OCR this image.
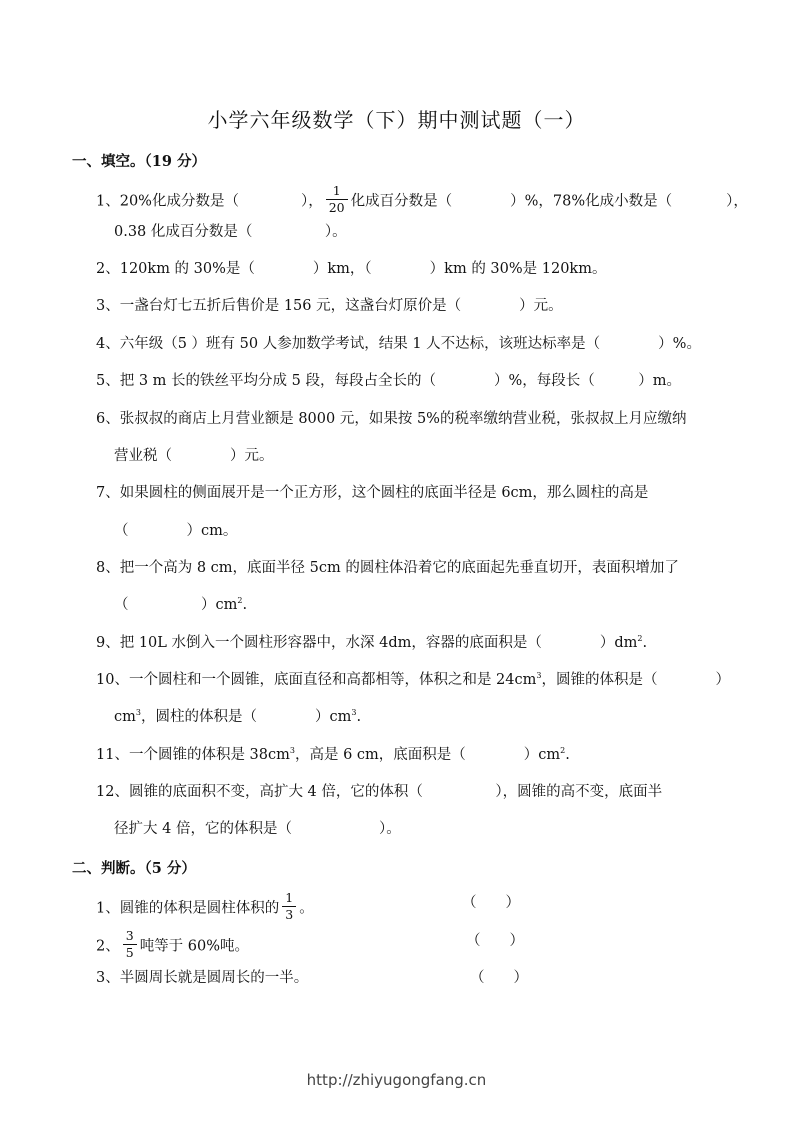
小学六年级数学（下）期中测试题（一）
一、填空。（19 分）
1、20%化成分数是（	）， $\frac{1}{20}$ 化成百分数是（	）%，78%化成小数是（	），
0.38 化成百分数是（　　　　　）。
2、120km 的 30%是（　　　　）km，（　　　　）km 的 30%是 120km。
3、一盏台灯七五折后售价是 156 元，这盏台灯原价是（　　　　）元。
4、六年级（5 ）班有 50 人参加数学考试，结果 1 人不达标，该班达标率是（　　　　）%。
5、把 3 m 长的铁丝平均分成 5 段，每段占全长的（　　　　）%，每段长（　　　）m。
6、张叔叔的商店上月营业额是 8000 元，如果按 5%的税率缴纳营业税，张叔叔上月应缴纳
营业税（　　　　）元。
7、如果圆柱的侧面展开是一个正方形，这个圆柱的底面半径是 6cm，那么圆柱的高是
（　　　　）cm。
8、把一个高为 8 cm，底面半径 5cm 的圆柱体沿着它的底面起先垂直切开，表面积增加了
（　　　　　）$cm^2$.
9、把 10L 水倒入一个圆柱形容器中，水深 4dm，容器的底面积是（　　　　）$dm^2$.
10、一个圆柱和一个圆锥，底面直径和高都相等，体积之和是 $24cm^3$，圆锥的体积是（	）
$cm^3$，圆柱的体积是（　　　　）$cm^3$.
11、一个圆锥的体积是 $38cm^3$，高是 6 cm，底面积是（　　　　）$cm^2$.
12、圆锥的底面积不变，高扩大 4 倍，它的体积（　　　　　），圆锥的高不变，底面半
径扩大 4 倍，它的体积是（　　　　　　）。
二、判断。（5 分）
1、圆锥的体积是圆柱体积的 $\frac{1}{3}$ 。	（　　）
2、 $\frac{3}{5}$ 吨等于 60%吨。	（　　）
3、半圆周长就是圆周长的一半。	（　　）
http://zhiyugongfang.cn
